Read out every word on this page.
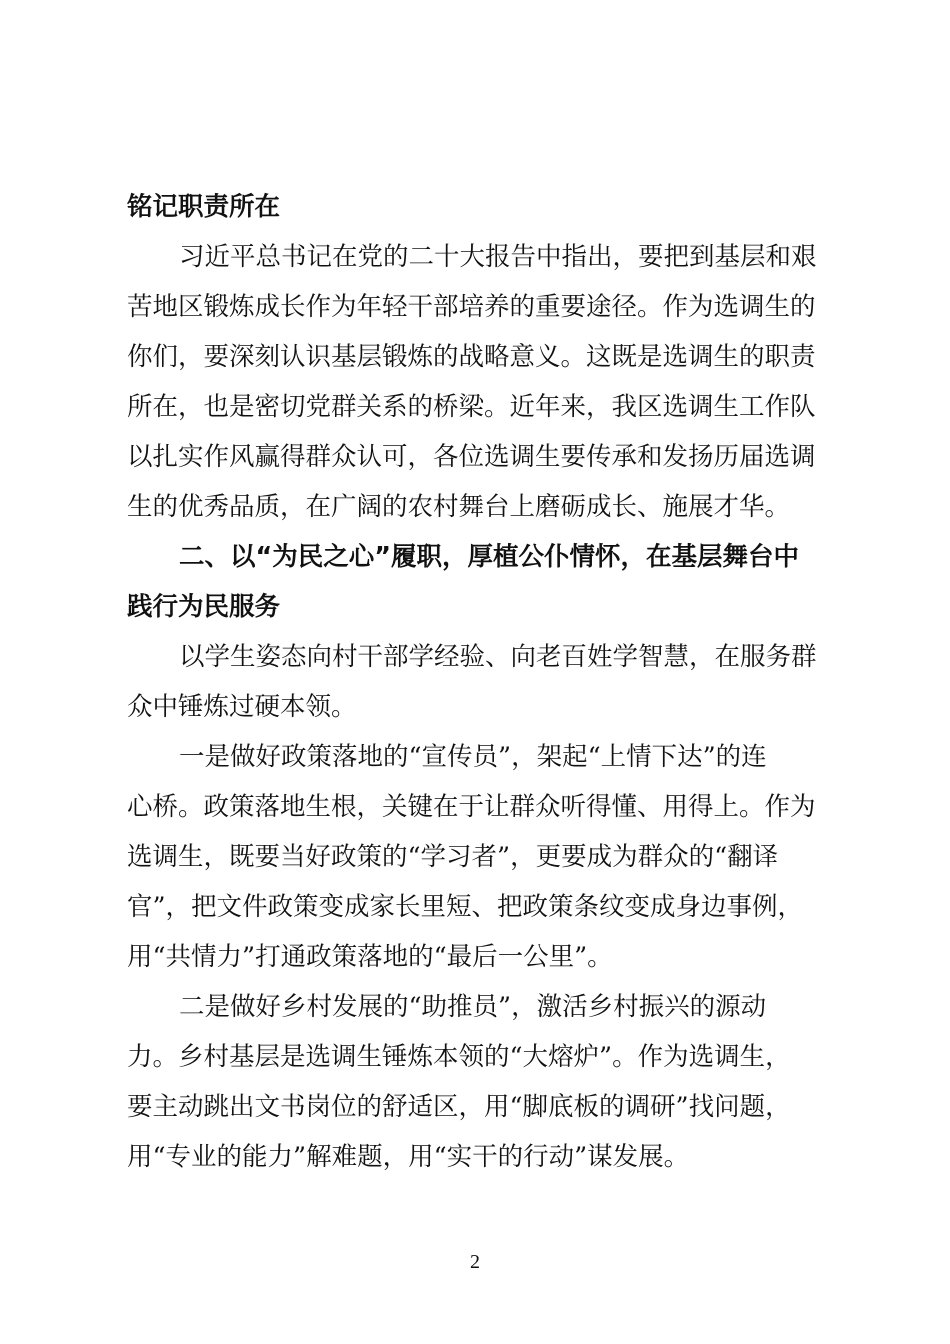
铭记职责所在
习近平总书记在党的二十大报告中指出，要把到基层和艰
苦地区锻炼成长作为年轻干部培养的重要途径。作为选调生的
你们，要深刻认识基层锻炼的战略意义。这既是选调生的职责
所在，也是密切党群关系的桥梁。近年来，我区选调生工作队
以扎实作风赢得群众认可，各位选调生要传承和发扬历届选调
生的优秀品质，在广阔的农村舞台上磨砺成长、施展才华。
二、以“为民之心”履职，厚植公仆情怀，在基层舞台中
践行为民服务
以学生姿态向村干部学经验、向老百姓学智慧，在服务群
众中锤炼过硬本领。
一是做好政策落地的“宣传员”，架起“上情下达”的连
心桥。政策落地生根，关键在于让群众听得懂、用得上。作为
选调生，既要当好政策的“学习者”，更要成为群众的“翻译
官”，把文件政策变成家长里短、把政策条纹变成身边事例，
用“共情力”打通政策落地的“最后一公里”。
二是做好乡村发展的“助推员”，激活乡村振兴的源动
力。乡村基层是选调生锤炼本领的“大熔炉”。作为选调生，
要主动跳出文书岗位的舒适区，用“脚底板的调研”找问题，
用“专业的能力”解难题，用“实干的行动”谋发展。
2
